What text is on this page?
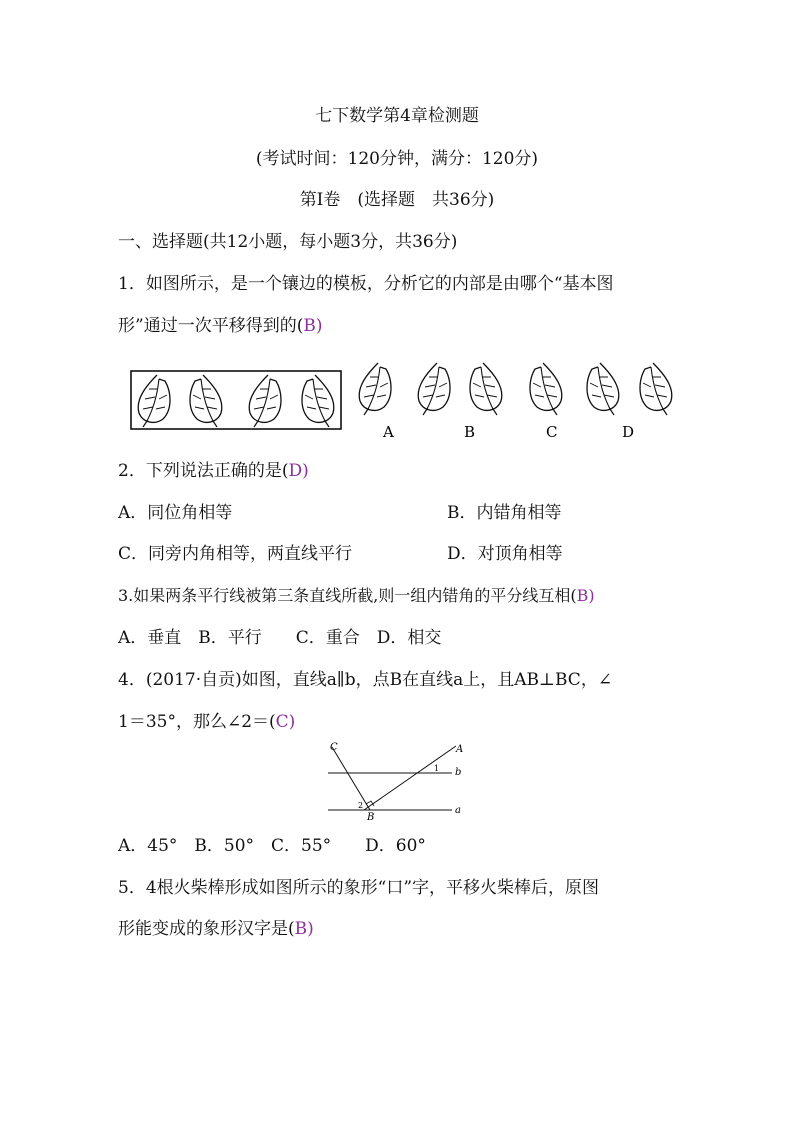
七下数学第4章检测题
(考试时间：120分钟，满分：120分)
第Ⅰ卷　(选择题　共36分)
一、选择题(共12小题，每小题3分，共36分)
1．如图所示，是一个镶边的模板，分析它的内部是由哪个“基本图
形”通过一次平移得到的(B)
A	B	C	D
2．下列说法正确的是(D)
A．同位角相等	B．内错角相等
C．同旁内角相等，两直线平行	D．对顶角相等
3.如果两条平行线被第三条直线所截,则一组内错角的平分线互相(B)
A．垂直　B．平行　　C．重合　D．相交
4．(2017·自贡)如图，直线a∥b，点B在直线a上，且AB⊥BC，∠
1＝35°，那么∠2＝(C)
C	A
b
a
1
2
B
A．45°　B．50°　C．55°　　D．60°
5．4根火柴棒形成如图所示的象形“口”字，平移火柴棒后，原图
形能变成的象形汉字是(B)
